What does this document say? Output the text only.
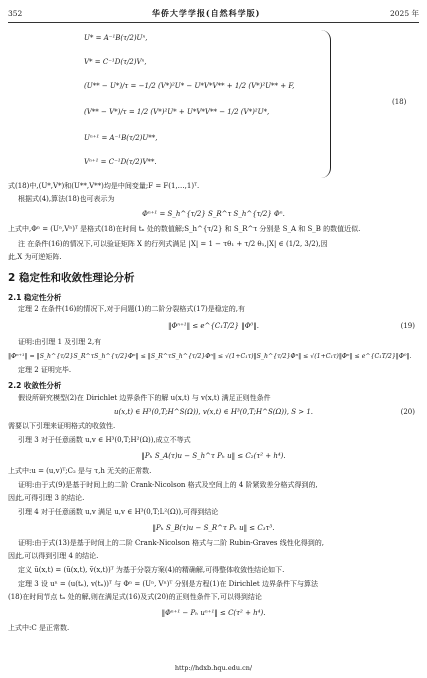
352	华侨大学学报(自然科学版)	2025 年
U* = A⁻¹B(τ/2)Uⁿ,
V* = C⁻¹D(τ/2)Vⁿ,
(U** − U*)/τ = −1/2 (V*)²U* − U*V*V** + 1/2 (V*)²U** + F,
(V** − V*)/τ = 1/2 (V*)²U* + U*V*V** − 1/2 (V*)²U*,
Uⁿ⁺¹ = A⁻¹B(τ/2)U**,
Vⁿ⁺¹ = C⁻¹D(τ/2)V**.
(18)
式(18)中,(U*,V*)和(U**,V**)均是中间变量;F = F(1,…,1)ᵀ.
根据式(4),算法(18)也可表示为
Φⁿ⁺¹ = S_h^{τ/2} S_R^τ S_h^{τ/2} Φⁿ.
上式中,Φⁿ = (Uⁿ,Vⁿ)ᵀ 是格式(18)在时间 tₙ 处的数值解;S_h^{τ/2} 和 S_R^τ 分别是 S_A 和 S_B 的数值近似.
注 在条件(16)的情况下,可以验证矩阵 X 的行列式满足 |X| = 1 − τθ₁ + τ/2 θ₁,|X| ∈ (1/2, 3/2),因
此,X 为可逆矩阵.
2 稳定性和收敛性理论分析
2.1 稳定性分析
定理 2 在条件(16)的情况下,对于问题(1)的二阶分裂格式(17)是稳定的,有
‖Φⁿ⁺¹‖ ≤ e^{C₁T/2} ‖Φ⁰‖.	(19)
证明:由引理 1 及引理 2,有
‖Φⁿ⁺¹‖ = ‖S_h^{τ/2}S_R^τS_h^{τ/2}Φⁿ‖ ≤ ‖S_R^τS_h^{τ/2}Φⁿ‖ ≤ √(1+C₁τ)‖S_h^{τ/2}Φⁿ‖ ≤ √(1+C₁τ)‖Φⁿ‖ ≤ e^{C₁T/2}‖Φ⁰‖.
定理 2 证明完毕.
2.2 收敛性分析
假设所研究模型(2)在 Dirichlet 边界条件下的解 u(x,t) 与 v(x,t) 满足正则性条件
u(x,t) ∈ H³(0,T;H^S(Ω)), v(x,t) ∈ H³(0,T;H^S(Ω)), S > 1.	(20)
需要以下引理来证明格式的收敛性.
引理 3 对于任意函数 u,v ∈ H³(0,T;H²(Ω)),成立不等式
‖Pₕ S_A(τ)u − S_h^τ Pₕ u‖ ≤ C₂(τ² + h⁴).
上式中:u = (u,v)ᵀ;C₂ 是与 τ,h 无关的正常数.
证明:由于式(9)是基于时间上的二阶 Crank-Nicolson 格式及空间上的 4 阶紧致差分格式得到的,
因此,可得引理 3 的结论.
引理 4 对于任意函数 u,v 满足 u,v ∈ H³(0,T;L²(Ω)),可得到结论
‖Pₕ S_B(τ)u − S_R^τ Pₕ u‖ ≤ C₃τ³.
证明:由于式(13)是基于时间上的二阶 Crank-Nicolson 格式与二阶 Rubin-Graves 线性化得到的,
因此,可以得到引理 4 的结论.
定义 ũ(x,t) = (ũ(x,t), ṽ(x,t))ᵀ 为基于分裂方案(4)的精确解,可得整体收敛性结论如下.
定理 3 设 uⁿ = (u(tₙ), v(tₙ))ᵀ 与 Φⁿ = (Uⁿ, Vⁿ)ᵀ 分别是方程(1)在 Dirichlet 边界条件下与算法
(18)在时间节点 tₙ 处的解,则在满足式(16)及式(20)的正则性条件下,可以得到结论
‖Φⁿ⁺¹ − Pₕ uⁿ⁺¹‖ ≤ C(τ² + h⁴).
上式中:C 是正常数.
http://hdxb.hqu.edu.cn/
